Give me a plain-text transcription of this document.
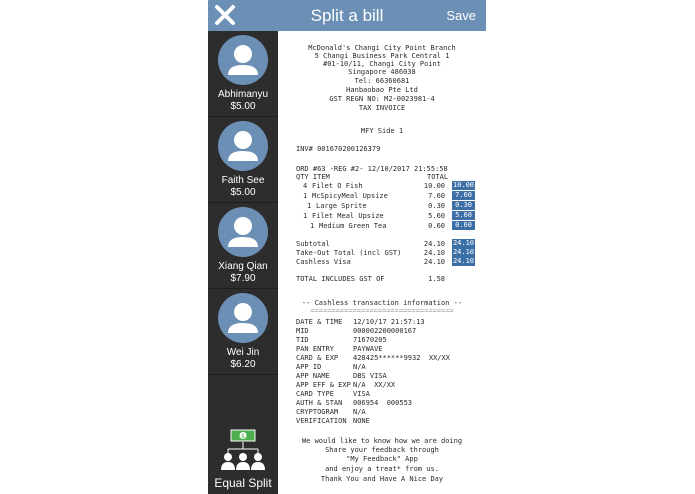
Split a bill	Save
Abhimanyu
$5.00
Faith See
$5.00
Xiang Qian
$7.90
Wei Jin
$6.20
$
Equal Split
McDonald's Changi City Point Branch
5 Changi Business Park Central 1
#01-10/11, Changi City Point
Singapore 486038
Tel: 66360681
Hanbaobao Pte Ltd
GST REGN NO: M2-0023981-4
TAX INVOICE
MFY Side 1
INV# 001670200126379
ORD #63 -REG #2- 12/10/2017 21:55:58
QTY ITEM	TOTAL
4 Filet O Fish	10.00 10.00
1 McSpicyMeal Upsize	7.60	7.60
1 Large Sprite	0.30	0.30
1 Filet Meal Upsize	5.60	5.60
1 Medium Green Tea	0.60	0.60
Subtotal	24.10 24.10
Take-Out Total (incl GST)	24.10 24.10
Cashless Visa	24.10 24.10
TOTAL INCLUDES GST OF	1.58
-- Cashless transaction information --
==================================
DATE & TIME 12/10/17 21:57:13
MID	000002200000167
TID	71670205
PAN ENTRY	PAYWAVE
CARD & EXP 428425******9932  XX/XX
APP ID	N/A
APP NAME	DBS VISA
APP EFF & EXP N/A  XX/XX
CARD TYPE	VISA
AUTH & STAN 006954  000553
CRYPTOGRAM N/A
VERIFICATION NONE
We would like to know how we are doing
Share your feedback through
"My Feedback" App
and enjoy a treat* from us.
Thank You and Have A Nice Day
